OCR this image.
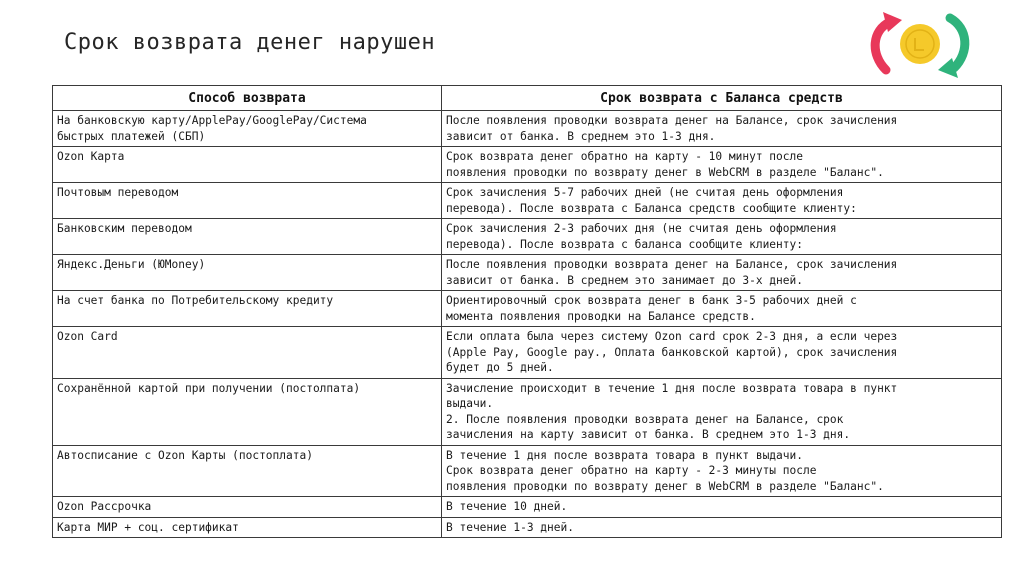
Срок возврата денег нарушен
Способ возврата	Срок возврата с Баланса средств
На банковскую карту/ApplePay/GooglePay/Система
быстрых платежей (СБП)	После появления проводки возврата денег на Балансе, срок зачисления
зависит от банка. В среднем это 1-3 дня.
Ozon Карта	Срок возврата денег обратно на карту - 10 минут после
появления проводки по возврату денег в WebCRM в разделе "Баланс".
Почтовым переводом	Срок зачисления 5-7 рабочих дней (не считая день оформления
перевода). После возврата с Баланса средств сообщите клиенту:
Банковским переводом	Срок зачисления 2-3 рабочих дня (не считая день оформления
перевода). После возврата с баланса сообщите клиенту:
Яндекс.Деньги (ЮMoney)	После появления проводки возврата денег на Балансе, срок зачисления
зависит от банка. В среднем это занимает до 3-х дней.
На счет банка по Потребительскому кредиту	Ориентировочный срок возврата денег в банк 3-5 рабочих дней с
момента появления проводки на Балансе средств.
Ozon Card	Если оплата была через систему Ozon card срок 2-3 дня, а если через
(Apple Pay, Google pay., Оплата банковской картой), срок зачисления
будет до 5 дней.
Сохранённой картой при получении (постолпата)	Зачисление происходит в течение 1 дня после возврата товара в пункт
выдачи.
2. После появления проводки возврата денег на Балансе, срок
зачисления на карту зависит от банка. В среднем это 1-3 дня.
Автосписание с Ozon Карты (постоплата)	В течение 1 дня после возврата товара в пункт выдачи.
Срок возврата денег обратно на карту - 2-3 минуты после
появления проводки по возврату денег в WebCRM в разделе "Баланс".
Ozon Рассрочка	В течение 10 дней.
Карта МИР + соц. сертификат	В течение 1-3 дней.
